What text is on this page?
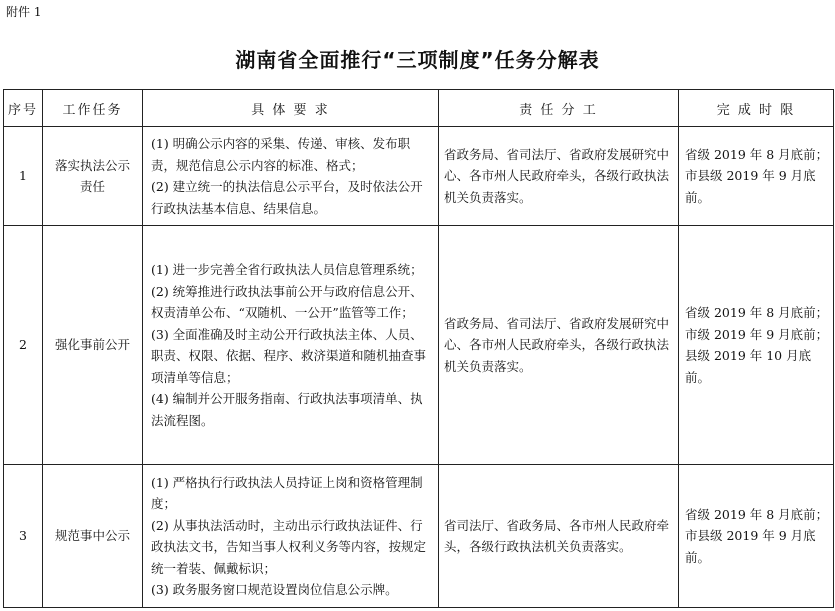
附件 1
湖南省全面推行“三项制度”任务分解表
序号	工作任务	具 体 要 求	责 任 分 工	完 成 时 限
1	落实执法公示责任	(1) 明确公示内容的采集、传递、审核、发布职责，规范信息公示内容的标准、格式；
(2) 建立统一的执法信息公示平台，及时依法公开行政执法基本信息、结果信息。	省政务局、省司法厅、省政府发展研究中心、各市州人民政府牵头，各级行政执法机关负责落实。	省级 2019 年 8 月底前；市县级 2019 年 9 月底前。
2	强化事前公开	(1) 进一步完善全省行政执法人员信息管理系统；
(2) 统筹推进行政执法事前公开与政府信息公开、权责清单公布、“双随机、一公开”监管等工作；
(3) 全面准确及时主动公开行政执法主体、人员、职责、权限、依据、程序、救济渠道和随机抽查事项清单等信息；
(4) 编制并公开服务指南、行政执法事项清单、执法流程图。	省政务局、省司法厅、省政府发展研究中心、各市州人民政府牵头，各级行政执法机关负责落实。	省级 2019 年 8 月底前；市级 2019 年 9 月底前；县级 2019 年 10 月底前。
3	规范事中公示	(1) 严格执行行政执法人员持证上岗和资格管理制度；
(2) 从事执法活动时，主动出示行政执法证件、行政执法文书，告知当事人权利义务等内容，按规定统一着装、佩戴标识；
(3) 政务服务窗口规范设置岗位信息公示牌。	省司法厅、省政务局、各市州人民政府牵头，各级行政执法机关负责落实。	省级 2019 年 8 月底前；市县级 2019 年 9 月底前。
